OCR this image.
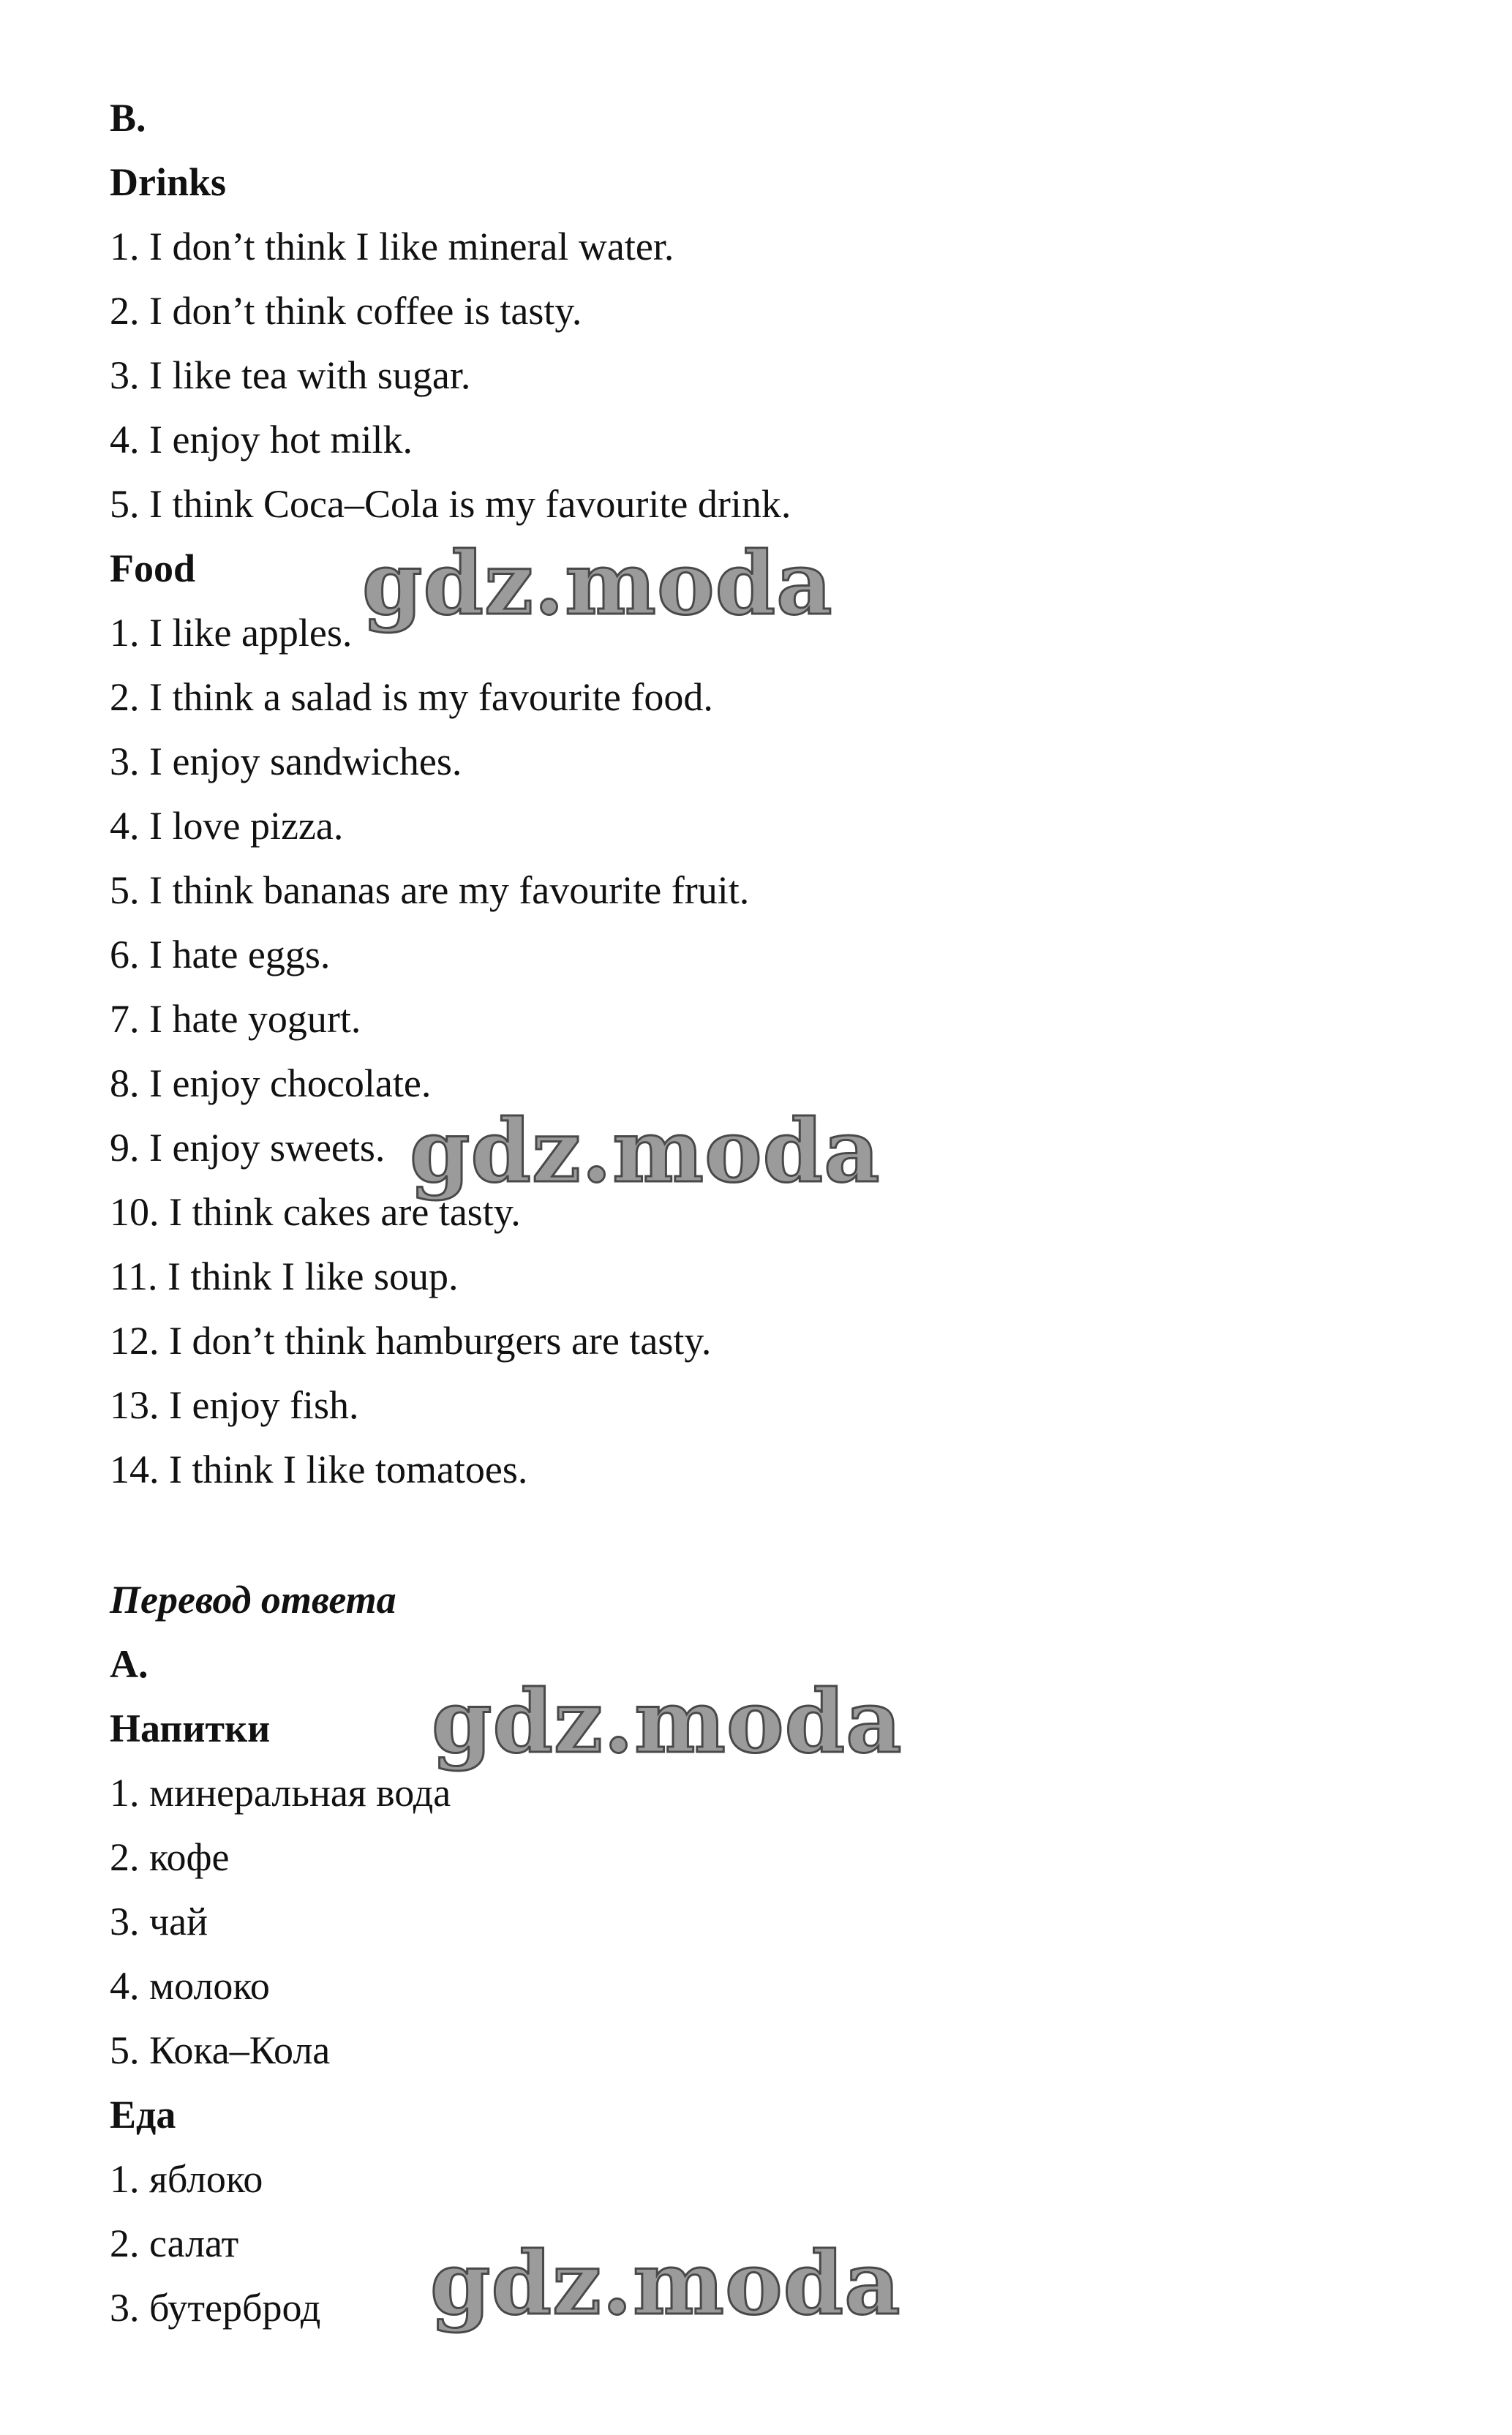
B.
Drinks
1. I don’t think I like mineral water.
2. I don’t think coffee is tasty.
3. I like tea with sugar.
4. I enjoy hot milk.
5. I think Coca–Cola is my favourite drink.
Food
1. I like apples.
2. I think a salad is my favourite food.
3. I enjoy sandwiches.
4. I love pizza.
5. I think bananas are my favourite fruit.
6. I hate eggs.
7. I hate yogurt.
8. I enjoy chocolate.
9. I enjoy sweets.
10. I think cakes are tasty.
11. I think I like soup.
12. I don’t think hamburgers are tasty.
13. I enjoy fish.
14. I think I like tomatoes.
Перевод ответа
А.
Напитки
1. минеральная вода
2. кофе
3. чай
4. молоко
5. Кока–Кола
Еда
1. яблоко
2. салат
3. бутерброд
gdz.moda
gdz.moda
gdz.moda
gdz.moda
